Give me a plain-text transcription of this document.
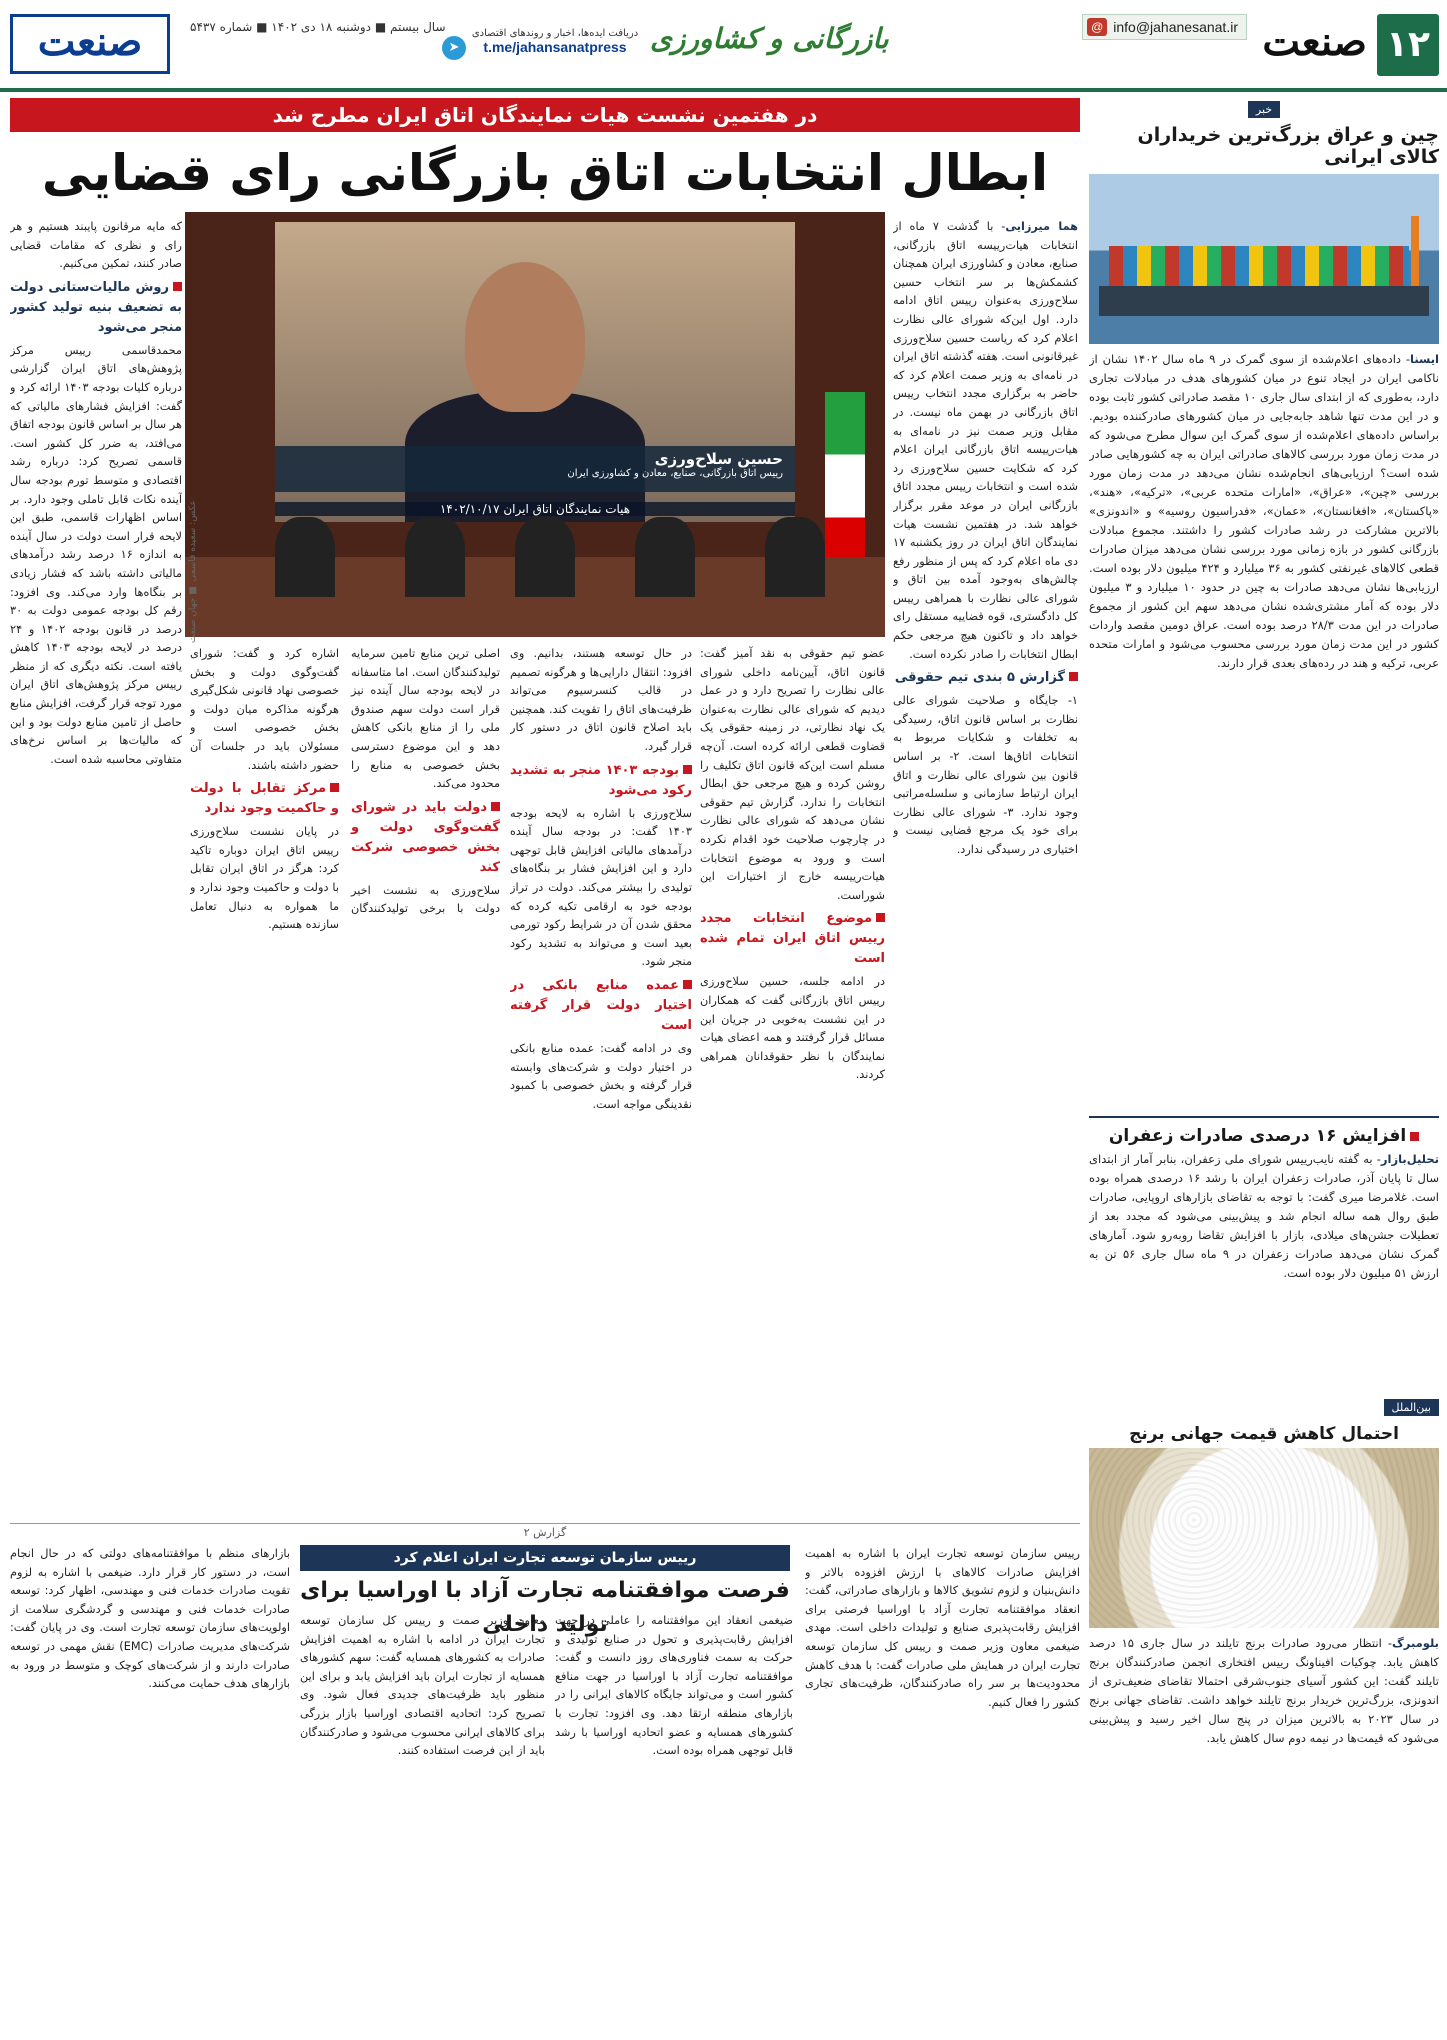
۱۲
صنعت
@ info@jahanesanat.ir
بازرگانی و کشاورزی
➤
دریافت ایده‌ها، اخبار و روندهای اقتصادی
t.me/jahansanatpress
سال بیستم ■ دوشنبه ۱۸ دی ۱۴۰۲ ■ شماره ۵۴۳۷
صنعت
در هفتمین نشست هیات نمایندگان اتاق ایران مطرح شد
ابطال انتخابات اتاق بازرگانی رای قضایی
حسین سلاح‌ورزی
رییس اتاق بازرگانی، صنایع، معادن و کشاورزی ایران
هیات نمایندگان اتاق ایران ۱۴۰۲/۱۰/۱۷
عکس: سعیده قاسمی ■ جهان صنعت
هما میرزایی- با گذشت ۷ ماه از انتخابات هیات‌رییسه اتاق بازرگانی، صنایع، معادن و کشاورزی ایران همچنان کشمکش‌ها بر سر انتخاب حسین سلاح‌ورزی به‌عنوان رییس اتاق ادامه دارد. اول این‌که شورای عالی نظارت اعلام کرد که ریاست حسین سلاح‌ورزی غیرقانونی است. هفته گذشته اتاق ایران در نامه‌ای به وزیر صمت اعلام کرد که حاضر به برگزاری مجدد انتخاب رییس اتاق بازرگانی در بهمن ماه نیست. در مقابل وزیر صمت نیز در نامه‌ای به هیات‌رییسه اتاق بازرگانی ایران اعلام کرد که شکایت حسین سلاح‌ورزی رد شده است و انتخابات رییس مجدد اتاق بازرگانی ایران در موعد مقرر برگزار خواهد شد. در هفتمین نشست هیات نمایندگان اتاق ایران در روز یکشنبه ۱۷ دی ماه اعلام کرد که پس از منظور رفع چالش‌های به‌وجود آمده بین اتاق و شورای عالی نظارت با همراهی رییس کل دادگستری، قوه قضاییه مستقل رای خواهد داد و تاکنون هیچ مرجعی حکم ابطال انتخابات را صادر نکرده است.
گزارش ۵ بندی تیم حقوقی
۱- جایگاه و صلاحیت شورای عالی نظارت بر اساس قانون اتاق، رسیدگی به تخلفات و شکایات مربوط به انتخابات اتاق‌ها است. ۲- بر اساس قانون بین شورای عالی نظارت و اتاق ایران ارتباط سازمانی و سلسله‌مراتبی وجود ندارد. ۳- شورای عالی نظارت برای خود یک مرجع قضایی نیست و اختیاری در رسیدگی ندارد.
عضو تیم حقوقی به نقد آمیز گفت: قانون اتاق، آیین‌نامه داخلی شورای عالی نظارت را تصریح دارد و در عمل دیدیم که شورای عالی نظارت به‌عنوان یک نهاد نظارتی، در زمینه حقوقی یک قضاوت قطعی ارائه کرده است. آن‌چه مسلم است این‌که قانون اتاق تکلیف را روشن کرده و هیچ مرجعی حق ابطال انتخابات را ندارد. گزارش تیم حقوقی نشان می‌دهد که شورای عالی نظارت در چارچوب صلاحیت خود اقدام نکرده است و ورود به موضوع انتخابات هیات‌رییسه خارج از اختیارات این شوراست.
موضوع انتخابات مجدد رییس اتاق ایران تمام شده است
در ادامه جلسه، حسین سلاح‌ورزی رییس اتاق بازرگانی گفت که همکاران در این نشست به‌خوبی در جریان این مسائل قرار گرفتند و همه اعضای هیات نمایندگان با نظر حقوقدانان همراهی کردند.
در حال توسعه هستند، بدانیم. وی افزود: انتقال دارایی‌ها و هرگونه تصمیم در قالب کنسرسیوم می‌تواند ظرفیت‌های اتاق را تقویت کند. همچنین باید اصلاح قانون اتاق در دستور کار قرار گیرد.
بودجه ۱۴۰۳ منجر به تشدید رکود می‌شود
سلاح‌ورزی با اشاره به لایحه بودجه ۱۴۰۳ گفت: در بودجه سال آینده درآمدهای مالیاتی افزایش قابل توجهی دارد و این افزایش فشار بر بنگاه‌های تولیدی را بیشتر می‌کند. دولت در تراز بودجه خود به ارقامی تکیه کرده که محقق شدن آن در شرایط رکود تورمی بعید است و می‌تواند به تشدید رکود منجر شود.
عمده منابع بانکی در اختیار دولت قرار گرفته است
وی در ادامه گفت: عمده منابع بانکی در اختیار دولت و شرکت‌های وابسته قرار گرفته و بخش خصوصی با کمبود نقدینگی مواجه است.
اصلی ترین منابع تامین سرمایه تولیدکنندگان است. اما متاسفانه در لایحه بودجه سال آینده نیز قرار است دولت سهم صندوق ملی را از منابع بانکی کاهش دهد و این موضوع دسترسی بخش خصوصی به منابع را محدود می‌کند.
دولت باید در شورای گفت‌وگوی دولت و بخش خصوصی شرکت کند
سلاح‌ورزی به نشست اخیر دولت با برخی تولیدکنندگان اشاره کرد و گفت: شورای گفت‌وگوی دولت و بخش خصوصی نهاد قانونی شکل‌گیری هرگونه مذاکره میان دولت و بخش خصوصی است و مسئولان باید در جلسات آن حضور داشته باشند.
مرکز تقابل با دولت و حاکمیت وجود ندارد
در پایان نشست سلاح‌ورزی رییس اتاق ایران دوباره تاکید کرد: هرگز در اتاق ایران تقابل با دولت و حاکمیت وجود ندارد و ما همواره به دنبال تعامل سازنده هستیم.
که مایه مرقانون پایبند هستیم و هر رای و نظری که مقامات قضایی صادر کنند، تمکین می‌کنیم.
روش مالیات‌ستانی دولت به تضعیف بنیه تولید کشور منجر می‌شود
محمدقاسمی رییس مرکز پژوهش‌های اتاق ایران گزارشی درباره کلیات بودجه ۱۴۰۳ ارائه کرد و گفت: افزایش فشارهای مالیاتی که هر سال بر اساس قانون بودجه اتفاق می‌افتد، به ضرر کل کشور است. قاسمی تصریح کرد: درباره رشد اقتصادی و متوسط تورم بودجه سال آینده نکات قابل تاملی وجود دارد. بر اساس اظهارات قاسمی، طبق این لایحه قرار است دولت در سال آینده به اندازه ۱۶ درصد رشد درآمدهای مالیاتی داشته باشد که فشار زیادی بر بنگاه‌ها وارد می‌کند. وی افزود: رقم کل بودجه عمومی دولت به ۳۰ درصد در قانون بودجه ۱۴۰۲ و ۲۴ درصد در لایحه بودجه ۱۴۰۳ کاهش یافته است. نکته دیگری که از منظر رییس مرکز پژوهش‌های اتاق ایران مورد توجه قرار گرفت، افزایش منابع حاصل از تامین منابع دولت بود و این که مالیات‌ها بر اساس نرخ‌های متفاوتی محاسبه شده است.
خبر
چین و عراق بزرگ‌ترین خریداران کالای ایرانی
ایسنا- داده‌های اعلام‌شده از سوی گمرک در ۹ ماه سال ۱۴۰۲ نشان از ناکامی ایران در ایجاد تنوع در میان کشورهای هدف در مبادلات تجاری دارد، به‌طوری که از ابتدای سال جاری ۱۰ مقصد صادراتی کشور ثابت بوده و در این مدت تنها شاهد جابه‌جایی در میان کشورهای صادرکننده بودیم. براساس داده‌های اعلام‌شده از سوی گمرک این سوال مطرح می‌شود که در مدت زمان مورد بررسی کالاهای صادراتی ایران به چه کشورهایی صادر شده است؟ ارزیابی‌های انجام‌شده نشان می‌دهد در مدت زمان مورد بررسی «چین»، «عراق»، «امارات متحده عربی»، «ترکیه»، «هند»، «پاکستان»، «افغانستان»، «عمان»، «فدراسیون روسیه» و «اندونزی» بالاترین مشارکت در رشد صادرات کشور را داشتند. مجموع مبادلات بازرگانی کشور در بازه زمانی مورد بررسی نشان می‌دهد میزان صادرات قطعی کالاهای غیرنفتی کشور به ۳۶ میلیارد و ۴۲۴ میلیون دلار بوده است. ارزیابی‌ها نشان می‌دهد صادرات به چین در حدود ۱۰ میلیارد و ۳ میلیون دلار بوده که آمار مشتری‌شده نشان می‌دهد سهم این کشور از مجموع صادرات در این مدت ۲۸/۳ درصد بوده است. عراق دومین مقصد واردات کشور در این مدت زمان مورد بررسی محسوب می‌شود و امارات متحده عربی، ترکیه و هند در رده‌های بعدی قرار دارند.
افزایش ۱۶ درصدی صادرات زعفران
تحلیل‌بازار- به گفته نایب‌رییس شورای ملی زعفران، بنابر آمار از ابتدای سال تا پایان آذر، صادرات زعفران ایران با رشد ۱۶ درصدی همراه بوده است. غلامرضا میری گفت: با توجه به تقاضای بازارهای اروپایی، صادرات طبق روال همه ساله انجام شد و پیش‌بینی می‌شود که مجدد بعد از تعطیلات جشن‌های میلادی، بازار با افزایش تقاضا روبه‌رو شود. آمارهای گمرک نشان می‌دهد صادرات زعفران در ۹ ماه سال جاری ۵۶ تن به ارزش ۵۱ میلیون دلار بوده است.
بین‌الملل
احتمال کاهش قیمت جهانی برنج
بلومبرگ- انتظار می‌رود صادرات برنج تایلند در سال جاری ۱۵ درصد کاهش یابد. چوکیات افیناونگ رییس افتخاری انجمن صادرکنندگان برنج تایلند گفت: این کشور آسیای جنوب‌شرقی احتمالا تقاضای ضعیف‌تری از اندونزی، بزرگ‌ترین خریدار برنج تایلند خواهد داشت. تقاضای جهانی برنج در سال ۲۰۲۳ به بالاترین میزان در پنج سال اخیر رسید و پیش‌بینی می‌شود که قیمت‌ها در نیمه دوم سال کاهش یابد.
گزارش ۲
رییس سازمان توسعه تجارت ایران اعلام کرد
فرصت موافقتنامه تجارت آزاد با اوراسیا برای تولید داخلی
رییس سازمان توسعه تجارت ایران با اشاره به اهمیت افزایش صادرات کالاهای با ارزش افزوده بالاتر و دانش‌بنیان و لزوم تشویق کالاها و بازارهای صادراتی، گفت: انعقاد موافقتنامه تجارت آزاد با اوراسیا فرصتی برای افزایش رقابت‌پذیری صنایع و تولیدات داخلی است. مهدی ضیغمی معاون وزیر صمت و رییس کل سازمان توسعه تجارت ایران در همایش ملی صادرات گفت: با هدف کاهش محدودیت‌ها بر سر راه صادرکنندگان، ظرفیت‌های تجاری کشور را فعال کنیم.
ضیغمی انعقاد این موافقتنامه را عاملی در جهت افزایش رقابت‌پذیری و تحول در صنایع تولیدی و حرکت به سمت فناوری‌های روز دانست و گفت: موافقتنامه تجارت آزاد با اوراسیا در جهت منافع کشور است و می‌تواند جایگاه کالاهای ایرانی را در بازارهای منطقه ارتقا دهد. وی افزود: تجارت با کشورهای همسایه و عضو اتحادیه اوراسیا با رشد قابل توجهی همراه بوده است.
معاون وزیر صمت و رییس کل سازمان توسعه تجارت ایران در ادامه با اشاره به اهمیت افزایش صادرات به کشورهای همسایه گفت: سهم کشورهای همسایه از تجارت ایران باید افزایش یابد و برای این منظور باید ظرفیت‌های جدیدی فعال شود. وی تصریح کرد: اتحادیه اقتصادی اوراسیا بازار بزرگی برای کالاهای ایرانی محسوب می‌شود و صادرکنندگان باید از این فرصت استفاده کنند.
بازارهای منظم با موافقتنامه‌های دولتی که در حال انجام است، در دستور کار قرار دارد. ضیغمی با اشاره به لزوم تقویت صادرات خدمات فنی و مهندسی، اظهار کرد: توسعه صادرات خدمات فنی و مهندسی و گردشگری سلامت از اولویت‌های سازمان توسعه تجارت است. وی در پایان گفت: شرکت‌های مدیریت صادرات (EMC) نقش مهمی در توسعه صادرات دارند و از شرکت‌های کوچک و متوسط در ورود به بازارهای هدف حمایت می‌کنند.
